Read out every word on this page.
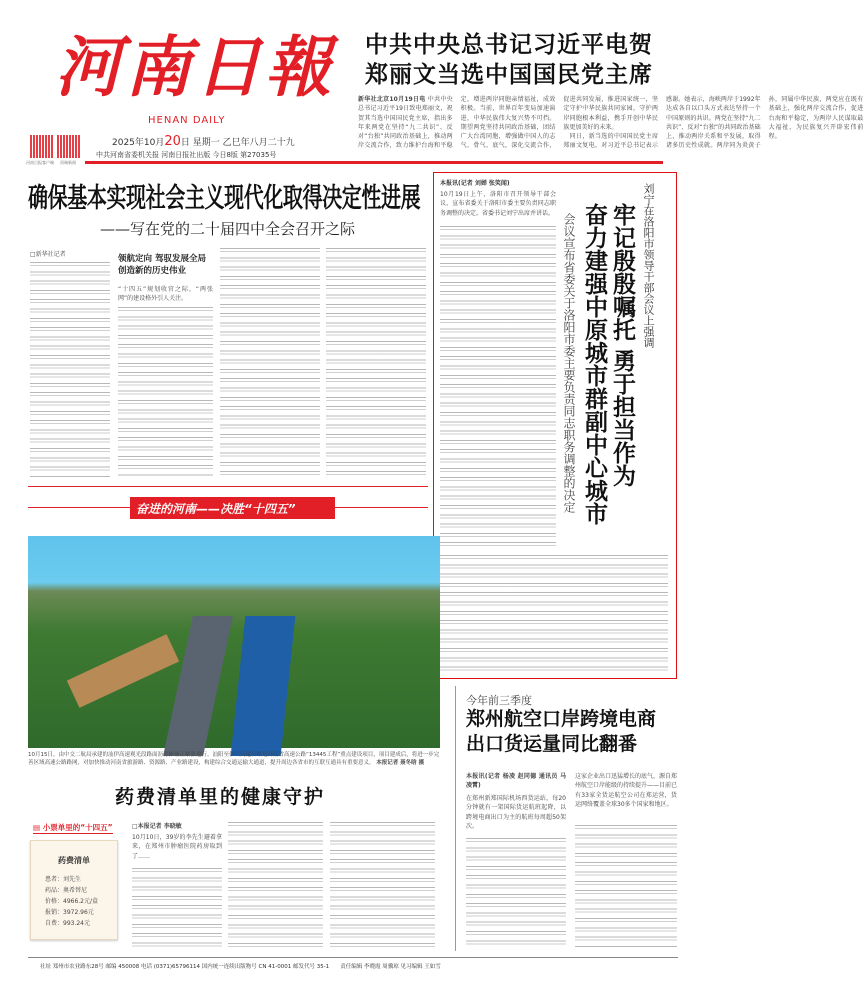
河南日報
HENAN DAILY
河南日报客户端 顶端新闻
2025年10月20日 星期一 乙巳年八月二十九
中共河南省委机关报 河南日报社出版 今日8版 第27035号
中共中央总书记习近平电贺
郑丽文当选中国国民党主席
新华社北京10月19日电 中共中央总书记习近平19日致电郑丽文，祝贺其当选中国国民党主席，指出多年来两党在坚持“九二共识”、反对“台独”共同政治基础上，推动两岸交流合作，致力维护台海和平稳定，增进两岸同胞亲情福祉，成效积极。当前，世界百年变局加速演进，中华民族伟大复兴势不可挡。期望两党坚持共同政治基础，团结广大台湾同胞，增强做中国人的志气、骨气、底气，深化交流合作，促进共同发展，推进国家统一，坚定守护中华民族共同家园，守护两岸同胞根本利益，携手开创中华民族更加美好的未来。
　同日，新当选的中国国民党主席郑丽文复电，对习近平总书记表示感谢。她表示，海峡两岸于1992年达成各自以口头方式表达坚持一个中国原则的共识。两党在坚持“九二共识”、反对“台独”的共同政治基础上，推动两岸关系和平发展，取得诸多历史性成就。两岸同为炎黄子孙，同属中华民族，两党应在既有基础上，强化两岸交流合作，促进台海和平稳定，为两岸人民谋取最大福祉，为民族复兴开辟宏伟前程。
确保基本实现社会主义现代化取得决定性进展
——写在党的二十届四中全会召开之际
□新华社记者	领航定向 驾驭发展全局创造新的历史伟业
“十四五”规划收官之际，“两张网”的建设格外引人关注。
本报讯(记者 刘婵 张笑闻)
10月19日上午，洛阳市召开领导干部会议，宣布省委关于洛阳市委主要负责同志职务调整的决定。省委书记刘宁出席并讲话。	刘宁在洛阳市领导干部会议上强调
牢记殷殷嘱托 勇于担当作为
奋力建强中原城市群副中心城市
会议宣布省委关于洛阳市委主要负责同志职务调整的决定
奋进的河南——决胜“十四五”
10月15日，由中交二航局承建的汕伊高速观光段路面沥青摊铺正紧张进行。汕阳至伊川高速公路是河南省高速公路“13445工程”重点建设项目，项目建成后，将进一步完善区域高速公路路网，对加快推动河南省旅游路、资源路、产业路建设，构建综合交通运输大通道，提升周边各省市的互联互通具有重要意义。 本报记者 聂冬晗 摄
药费清单里的健康守护
▤ 小票单里的“十四五”
药费清单
患者：刘先生
药品：奥希替尼
价格：4966.2元/盒
报销：3972.96元
自费：993.24元
□本报记者 李晓敏
10月10日，39岁的李先生避着拿来，在郑州市肿瘤医院药房取到了……
今年前三季度
郑州航空口岸跨境电商
出口货运量同比翻番
本报讯(记者 杨凌 赵同德 通讯员 马凌霄)
在郑州新郑国际机场西货运站，每20分钟就有一架国际货运航班起降，以跨境电商出口为主的航班每周超50架次。
这家企业出口迅猛增长的底气，源自郑州航空口岸能级的持续提升——目前已有33家全货运航空公司在郑运营，货运网络覆盖全球30多个国家和地区。
社址 郑州市农业路东28号 邮编 450008 电话 (0371)65796114 国内统一连续出版物号 CN 41-0001 邮发代号 35-1　　 责任编辑 李晓霞 周骥琼 见习编辑 王如雪
